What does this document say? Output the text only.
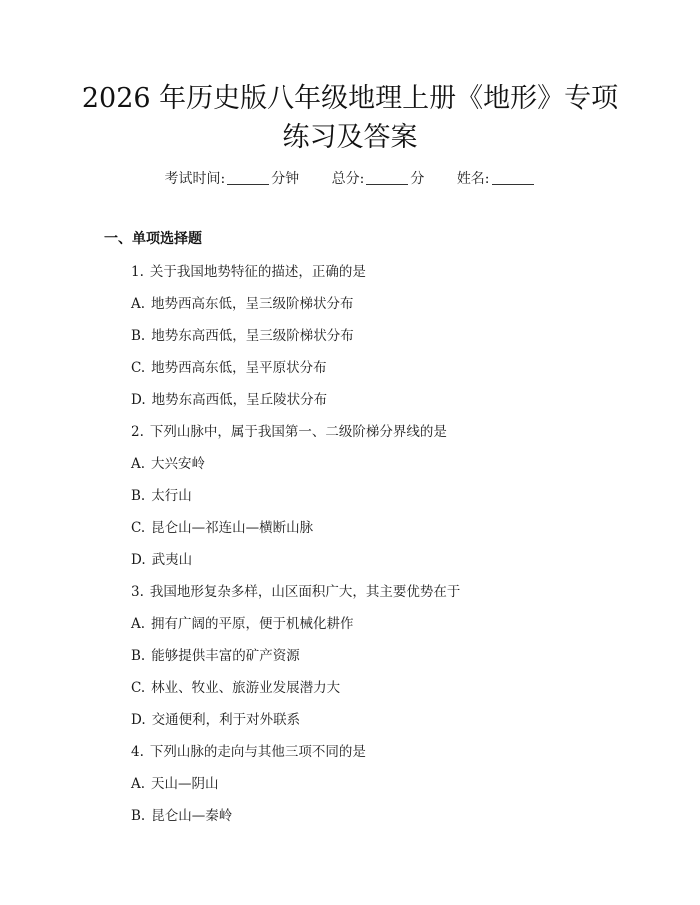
2026 年历史版八年级地理上册《地形》专项
练习及答案
考试时间:	分钟 总分:	分 姓名:
一、单项选择题
1. 关于我国地势特征的描述，正确的是
A. 地势西高东低，呈三级阶梯状分布
B. 地势东高西低，呈三级阶梯状分布
C. 地势西高东低，呈平原状分布
D. 地势东高西低，呈丘陵状分布
2. 下列山脉中，属于我国第一、二级阶梯分界线的是
A. 大兴安岭
B. 太行山
C. 昆仑山—祁连山—横断山脉
D. 武夷山
3. 我国地形复杂多样，山区面积广大，其主要优势在于
A. 拥有广阔的平原，便于机械化耕作
B. 能够提供丰富的矿产资源
C. 林业、牧业、旅游业发展潜力大
D. 交通便利，利于对外联系
4. 下列山脉的走向与其他三项不同的是
A. 天山—阴山
B. 昆仑山—秦岭
